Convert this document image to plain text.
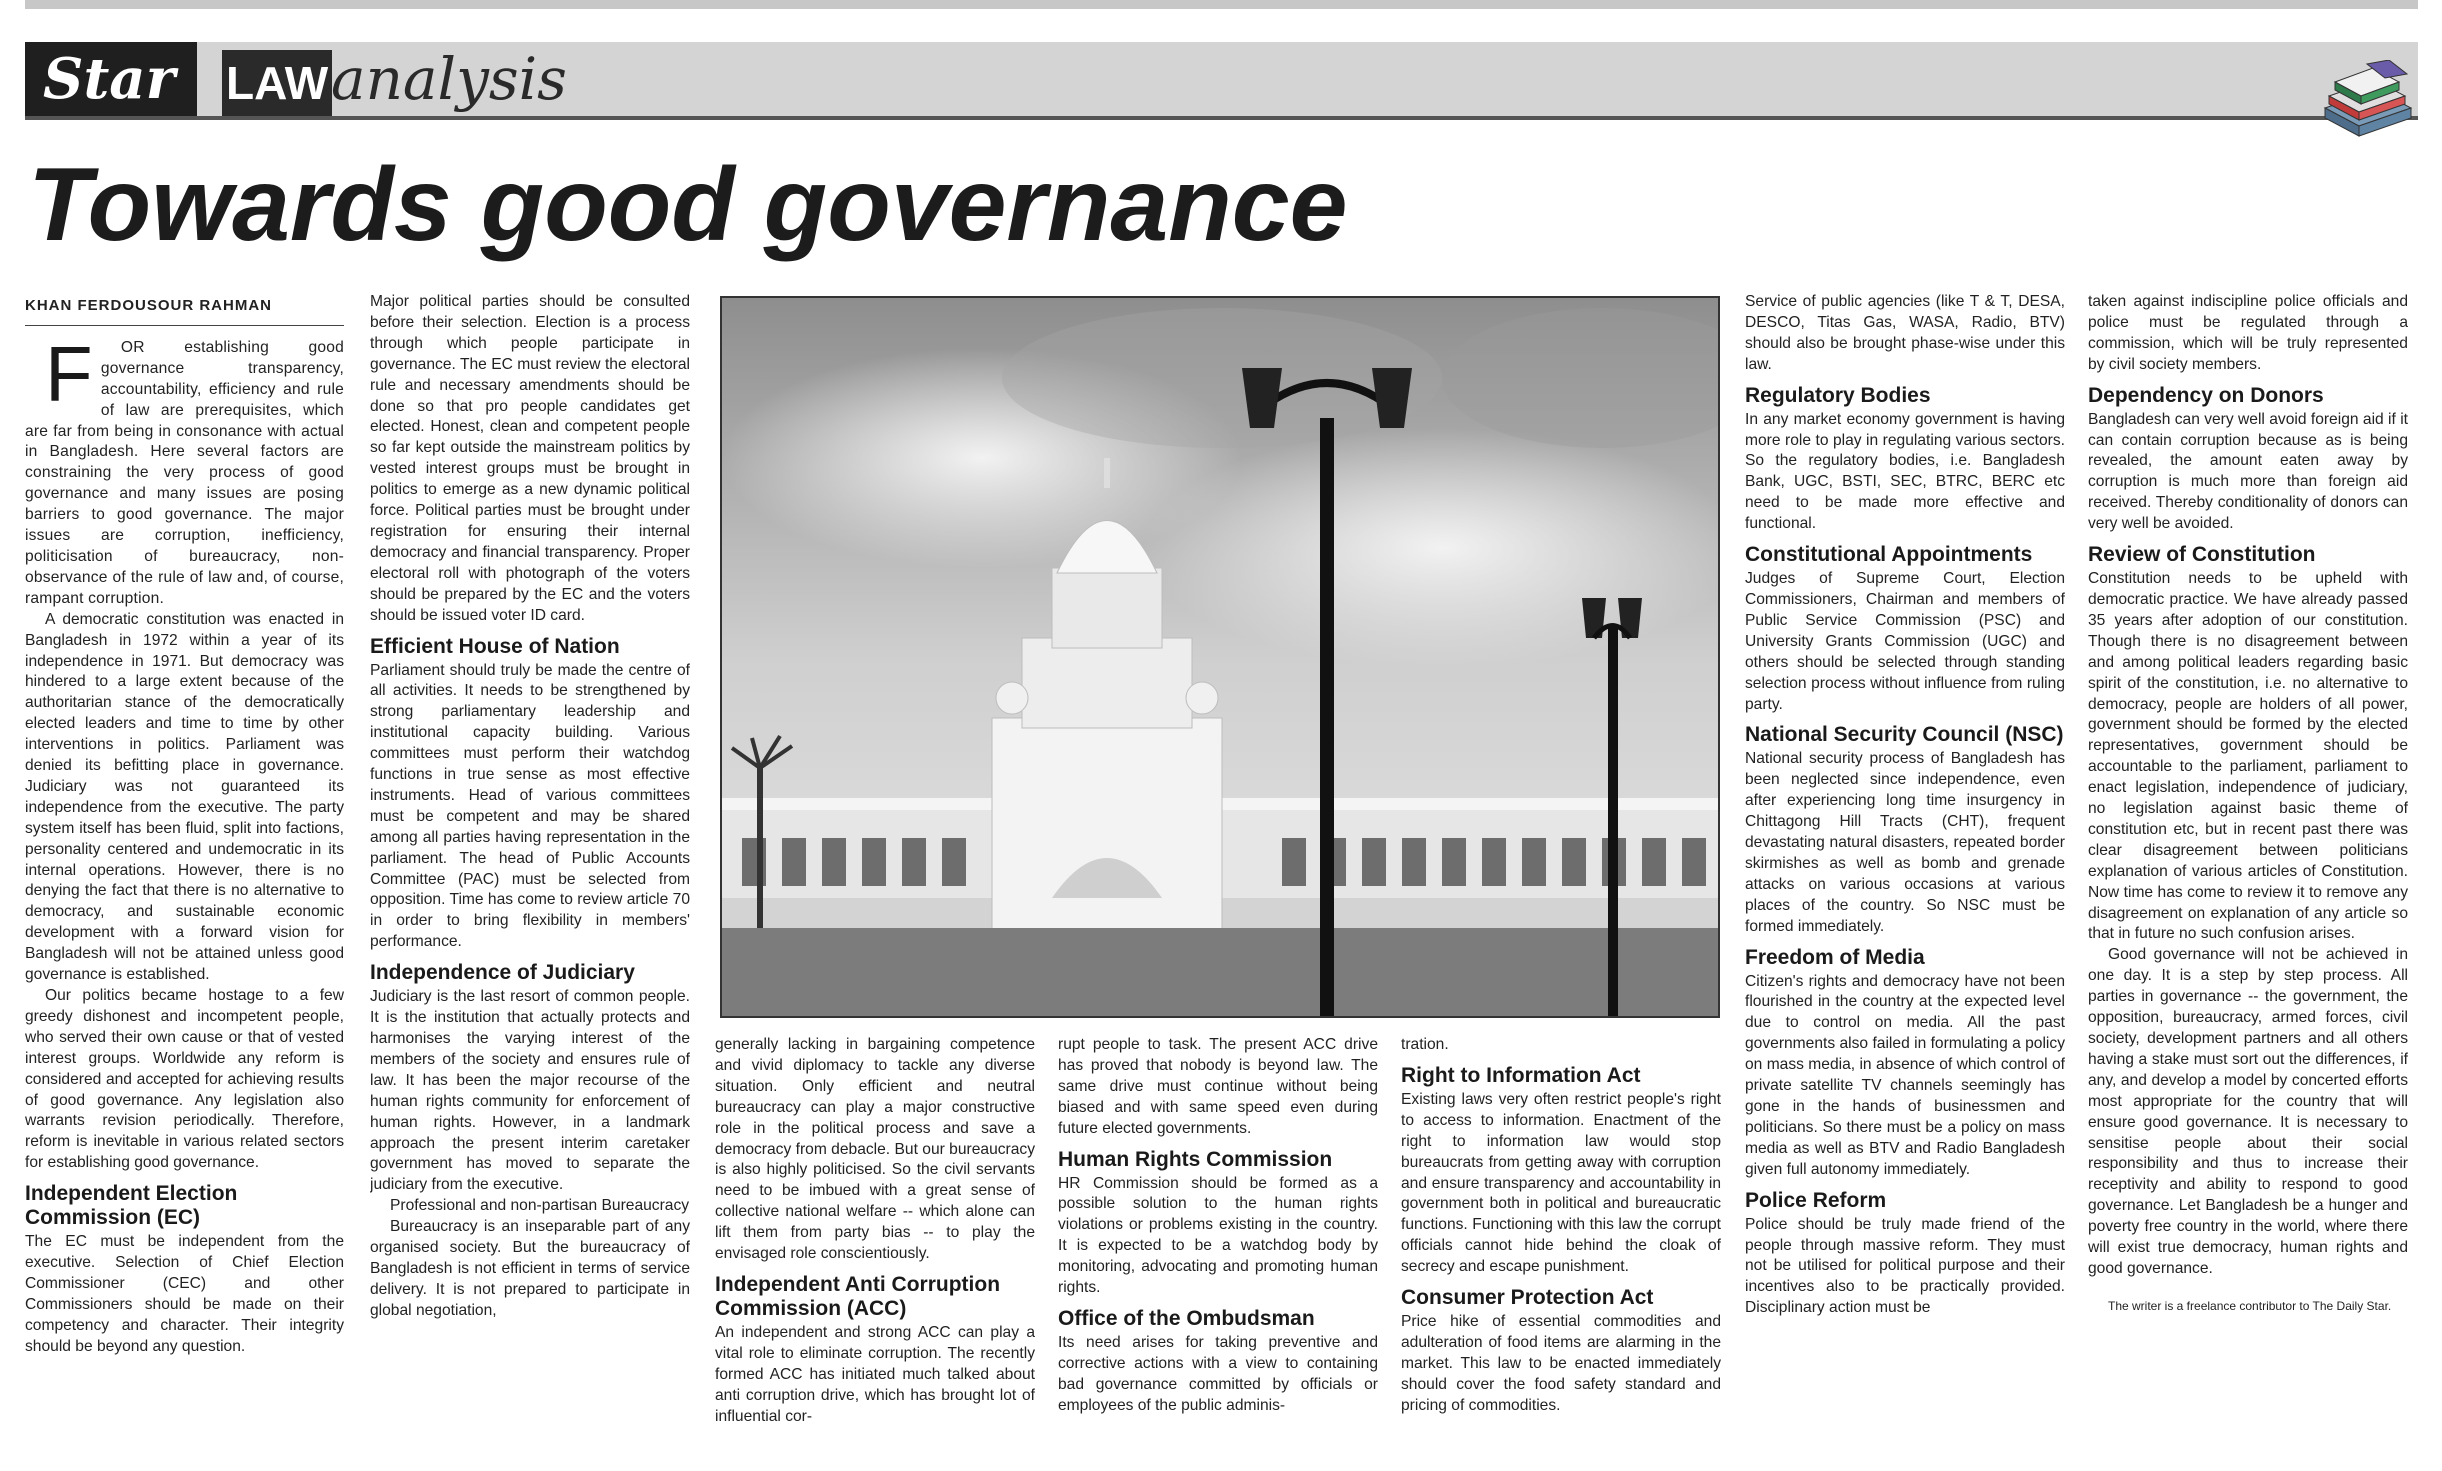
Star	LAW analysis
Towards good governance
KHAN FERDOUSOUR RAHMAN

F OR establishing good governance transparency, accountability, efficiency and rule of law are prerequisites, which are far from being in consonance with actual in Bangladesh. Here several factors are constraining the very process of good governance and many issues are posing barriers to good governance. The major issues are corruption, inefficiency, politicisation of bureaucracy, non-observance of the rule of law and, of course, rampant corruption.

A democratic constitution was enacted in Bangladesh in 1972 within a year of its independence in 1971. But democracy was hindered to a large extent because of the authoritarian stance of the democratically elected leaders and time to time by other interventions in politics. Parliament was denied its befitting place in governance. Judiciary was not guaranteed its independence from the executive. The party system itself has been fluid, split into factions, personality centered and undemocratic in its internal operations. However, there is no denying the fact that there is no alternative to democracy, and sustainable economic development with a forward vision for Bangladesh will not be attained unless good governance is established.

Our politics became hostage to a few greedy dishonest and incompetent people, who served their own cause or that of vested interest groups. Worldwide any reform is considered and accepted for achieving results of good governance. Any legislation also warrants revision periodically. Therefore, reform is inevitable in various related sectors for establishing good governance.

Independent Election Commission (EC)

The EC must be independent from the executive. Selection of Chief Election Commissioner (CEC) and other Commissioners should be made on their competency and character. Their integrity should be beyond any question.

Major political parties should be consulted before their selection. Election is a process through which people participate in governance. The EC must review the electoral rule and necessary amendments should be done so that pro people candidates get elected. Honest, clean and competent people so far kept outside the mainstream politics by vested interest groups must be brought in politics to emerge as a new dynamic political force. Political parties must be brought under registration for ensuring their internal democracy and financial transparency. Proper electoral roll with photograph of the voters should be prepared by the EC and the voters should be issued voter ID card.

Efficient House of Nation

Parliament should truly be made the centre of all activities. It needs to be strengthened by strong parliamentary leadership and institutional capacity building. Various committees must perform their watchdog functions in true sense as most effective instruments. Head of various committees must be competent and may be shared among all parties having representation in the parliament. The head of Public Accounts Committee (PAC) must be selected from opposition. Time has come to review article 70 in order to bring flexibility in members' performance.

Independence of Judiciary

Judiciary is the last resort of common people. It is the institution that actually protects and harmonises the varying interest of the members of the society and ensures rule of law. It has been the major recourse of the human rights community for enforcement of human rights. However, in a landmark approach the present interim caretaker government has moved to separate the judiciary from the executive.

Professional and non-partisan Bureaucracy

Bureaucracy is an inseparable part of any organised society. But the bureaucracy of Bangladesh is not efficient in terms of service delivery. It is not prepared to participate in global negotiation,

generally lacking in bargaining competence and vivid diplomacy to tackle any diverse situation. Only efficient and neutral bureaucracy can play a major constructive role in the political process and save a democracy from debacle. But our bureaucracy is also highly politicised. So the civil servants need to be imbued with a great sense of collective national welfare -- which alone can lift them from party bias -- to play the envisaged role conscientiously.

Independent Anti Corruption Commission (ACC)

An independent and strong ACC can play a vital role to eliminate corruption. The recently formed ACC has initiated much talked about anti corruption drive, which has brought lot of influential cor-

rupt people to task. The present ACC drive has proved that nobody is beyond law. The same drive must continue without being biased and with same speed even during future elected governments.

Human Rights Commission

HR Commission should be formed as a possible solution to the human rights violations or problems existing in the country. It is expected to be a watchdog body by monitoring, advocating and promoting human rights.

Office of the Ombudsman

Its need arises for taking preventive and corrective actions with a view to containing bad governance committed by officials or employees of the public adminis-

tration.

Right to Information Act

Existing laws very often restrict people's right to access to information. Enactment of the right to information law would stop bureaucrats from getting away with corruption and ensure transparency and accountability in government both in political and bureaucratic functions. Functioning with this law the corrupt officials cannot hide behind the cloak of secrecy and escape punishment.

Consumer Protection Act

Price hike of essential commodities and adulteration of food items are alarming in the market. This law to be enacted immediately should cover the food safety standard and pricing of commodities.

Service of public agencies (like T & T, DESA, DESCO, Titas Gas, WASA, Radio, BTV) should also be brought phase-wise under this law.

Regulatory Bodies

In any market economy government is having more role to play in regulating various sectors. So the regulatory bodies, i.e. Bangladesh Bank, UGC, BSTI, SEC, BTRC, BERC etc need to be made more effective and functional.

Constitutional Appointments

Judges of Supreme Court, Election Commissioners, Chairman and members of Public Service Commission (PSC) and University Grants Commission (UGC) and others should be selected through standing selection process without influence from ruling party.

National Security Council (NSC)

National security process of Bangladesh has been neglected since independence, even after experiencing long time insurgency in Chittagong Hill Tracts (CHT), frequent devastating natural disasters, repeated border skirmishes as well as bomb and grenade attacks on various occasions at various places of the country. So NSC must be formed immediately.

Freedom of Media

Citizen's rights and democracy have not been flourished in the country at the expected level due to control on media. All the past governments also failed in formulating a policy on mass media, in absence of which control of private satellite TV channels seemingly has gone in the hands of businessmen and politicians. So there must be a policy on mass media as well as BTV and Radio Bangladesh given full autonomy immediately.

Police Reform

Police should be truly made friend of the people through massive reform. They must not be utilised for political purpose and their incentives also to be practically provided. Disciplinary action must be

taken against indiscipline police officials and police must be regulated through a commission, which will be truly represented by civil society members.

Dependency on Donors

Bangladesh can very well avoid foreign aid if it can contain corruption because as is being revealed, the amount eaten away by corruption is much more than foreign aid received. Thereby conditionality of donors can very well be avoided.

Review of Constitution

Constitution needs to be upheld with democratic practice. We have already passed 35 years after adoption of our constitution. Though there is no disagreement between and among political leaders regarding basic spirit of the constitution, i.e. no alternative to democracy, people are holders of all power, government should be formed by the elected representatives, government should be accountable to the parliament, parliament to enact legislation, independence of judiciary, no legislation against basic theme of constitution etc, but in recent past there was clear disagreement between politicians explanation of various articles of Constitution. Now time has come to review it to remove any disagreement on explanation of any article so that in future no such confusion arises.

Good governance will not be achieved in one day. It is a step by step process. All parties in governance -- the government, the opposition, bureaucracy, armed forces, civil society, development partners and all others having a stake must sort out the differences, if any, and develop a model by concerted efforts most appropriate for the country that will ensure good governance. It is necessary to sensitise people about their social responsibility and thus to increase their receptivity and ability to respond to good governance. Let Bangladesh be a hunger and poverty free country in the world, where there will exist true democracy, human rights and good governance.

The writer is a freelance contributor to The Daily Star.
